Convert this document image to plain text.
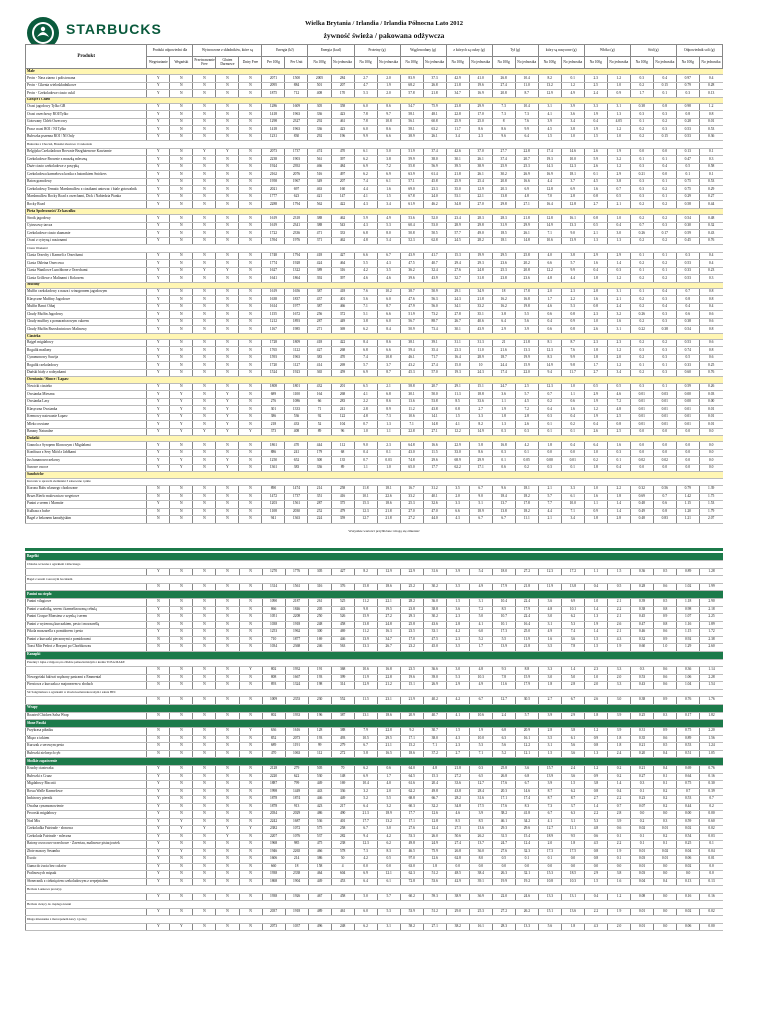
STARBUCKS	Wielka Brytania / Irlandia / Irlandia Północna Lato 2012
żywność świeża / pakowana odżywcza
Produkt	Produkt odpowiedni dla		Wytworzone z składników, które są			Energia (kJ)		Energia (kcal)		Proteiny (g)		Węglowodany (g)		z których są cukry (g)		Tył (g)		który są nasycone (g)		Włóko (g)		Sód (g)		Odpowiednik soli (g)	
	Wegetarianie	Wegański	Przetwarzanie Free	Gluten Darmowe	Dairy Free	Per 100g	Per Unit	Na 100g	No jednostka	Na 100g	No jednostka	Na 100g	No jednostka	Na 100g	No jednostka	Na 100g	No jednostka	Na 100g	No jednostka	Na 100g	No jednostka	Na 100g	No jednostka	Na 100g	No jednostka
Małe																									
Pecin - Nasz ziarno i polistowana	Y	N	N	N	N	2071	1500	2005	284	2.7	2.0	83.9	37.3	42.9	41.0	26.8	10.4	8.2	0.1	2.3	1.2	0.3	0.4	0.97	0.4
Pecin - Cikenia wieloskładnikowe	Y	N	N	N	N	2095	884	501	207	4.7	1.9	68.2	26.8	21.8	19.6	27.4	11.0	13.2	1.2	2.5	1.0	0.2	0.15	0.79	0.28
Pecin - Czekoladowe ciasto cukil	Y	N	N	N	N	1875	712	408	170	5.3	2.0	57.8	21.8	34.7	16.9	20.8	8.7	12.9	4.9	2.4	0.9	1.7	0.1	0.3	0.13
Gorące i Chleb																									
Ocasi jagodowy Tylko GB	Y	N	N	N	N	1286	1609	305	358	6.0	8.6	54.7	75.9	23.8	29.9	7.3	10.4	3.1	3.9	3.3	3.1	0.38	0.8	0.98	1.2
Ocasi orzechowy ROI/Tylko	Y	N	N	N	N	1418	1963	336	423	7.8	9.7	58.1	48.1	22.8	17.0	7.3	7.3	4.1	3.6	1.9	1.3	0.3	0.3	0.8	0.8
Gotowany Chleb Orzecowy	Y	N	N	N	N	1298	2327	292	461	7.8	10.8	56.1	60.8	25.9	25.0	8	7.6	3.9	3.4	0.4	4.05	0.1	0.2	0.28	0.01
Pracz ocasi ROI / NI Tylko	Y	N	N	N	N	1418	1963	336	423	6.0	8.6	58.1	63.2	11.7	8.6	8.6	9.9	4.5	3.8	1.9	1.2	0.2	0.3	0.53	0.53
Bułeczka pszenna ROI / NI Only	Y	N	N	N	N	1231	830	292	196	9.9	6.6	38.9	26.1	3.4	2.3	9.6	6.4	1.5	1.0	1.5	1.0	0.2	0.15	0.53	0.36
Bułeczka z Chociaż, Bruszki zbożowe i Czekolada																									
Belgijska Czekoladowa Brownie Bezglutenowe Kawiarnie	Y	N	Y	Y	N	2073	1737	474	470	6.1	5.0	51.9	37.4	42.6	37.0	27.7	22.8	17.4	14.6	2.6	1.9	0.0	0.0	0.13	0.1
Czekoladowe Brownie z muszką mleczną	Y	N	N	N	N	2238	1903	561	397	6.2	3.8	59.9	38.0	30.1	26.1	37.4	20.7	19.3	10.0	5.9	3.2	0.1	0.1	0.47	0.3
Duże ciasto czekoladowe z posypką	Y	N	N	N	N	1924	2392	466	484	6.9	7.2	55.8	56.9	39.5	38.9	25.9	25.3	14.3	12.3	2.6	1.2	0.3	0.4	0.5	0.58
Czekoladowa karmelowa kostka z batonikiem Snickers	Y	N	N	N	N	2162	2076	516	497	6.2	6.9	63.9	61.4	21.8	26.1	30.2	26.9	16.9	18.1	0.1	2.9	0.21	0.0	0.1	0.1
Baton granolowy	Y	N	N	N	N	1958	1967	349	207	7.4	6.1	57.1	45.8	25.9	25.4	20.8	16.6	4.4	3.7	4.5	3.8	0.3	0.1	0.75	0.53
Czekoladowy Tematic Marshmallow z ciastkami antowac i biale gotowalnik	Y	N	N	N	N	2021	697	463	160	4.4	1.6	69.0	23.3	35.0	12.9	20.3	6.9	12.8	6.9	1.6	0.7	0.3	0.2	0.75	0.29
Marshmallow Rocky Road z orzechami, Dick i Nabiedzia Pianka	Y	N	N	N	N	1777	623	421	147	4.1	1.5	67.8	24.0	53.1	22.1	13.8	4.8	7.0	2.8	0.8	0.5	0.3	0.1	0.29	0.27
Rocky Road	Y	N	N	N	N	2288	1794	562	422	4.3	3.4	61.9	46.2	34.8	27.0	29.8	27.1	16.4	12.8	2.7	2.1	0.2	0.2	0.58	0.44
Pieża Śpoleczności/ Ze kawałku																									
Stroik jagodowy	Y	N	N	N	N	1619	2318	388	462	5.9	4.9	53.6	52.0	23.4	28.3	28.3	21.8	12.8	16.1	0.8	1.0	0.2	0.2	0.54	0.48
Cytrusowy tarcza	Y	N	N	N	N	1619	2341	388	543	4.3	5.3	60.4	53.0	28.9	29.8	31.9	29.9	14.9	13.3	0.5	0.4	0.7	0.3	0.30	0.32
Czekoladowe ciasto skamanie	Y	N	N	N	N	1722	2336	471	333	6.8	8.0	50.8	50.5	57.7	49.0	18.5	26.1	7.1	9.0	2.1	3.0	0.26	0.17	0.59	0.43
Ocasi z cytryną i nasionami	Y	N	N	N	N	1594	1976	371	462	4.8	5.4	52.3	62.8	24.5	28.2	18.1	14.8	10.6	13.9	1.3	1.3	0.2	0.2	0.45	0.76
Ciasta Weekend																									
Ciasta Orzechy i Karmeli z Orzechami	Y	N	N	N	N	1748	1794	418	427	6.6	6.7	43.9	41.7	15.3	19.9	29.5	25.8	4.0	3.8	2.9	2.9	0.1	0.1	0.3	0.4
Ciasta Okleina Orzecowa	Y	N	N	N	N	1774	1928	424	464	5.5	4.3	47.5	40.7	29.4	29.3	23.6	20.2	6.6	5.7	1.6	1.4	0.2	0.2	0.53	0.4
Ciasta Wanilowe Lunchbone z Orzechami	Y	N	Y	Y	N	1627	1322	389	316	4.2	3.5	36.2	32.4	27.6	24.8	25.3	20.8	12.2	9.9	0.4	0.3	0.1	0.1	0.33	0.23
Ciasta Grillowe z Malinami i Kokosem	Y	N	N	N	N	1641	1864	392	397	4.6	4.6	39.6	43.9	32.7	31.8	23.8	23.6	4.8	4.4	1.8	1.2	0.2	0.2	0.53	0.3
Muffiny																									
Muffin czekoladowy z nasza i winogronem jagodowym	Y	N	N	N	N	1619	1656	387	418	7.6	10.2	38.7	50.9	29.1	34.9	18	17.8	2.0	2.3	2.8	3.1	0.1	0.4	0.7	0.8
Klasyczne Muffiny Jagodowe	Y	N	N	N	N	1638	1837	437	401	5.6	6.0	47.6	56.3	24.3	21.8	16.2	16.8	1.7	2.2	1.6	2.1	0.2	0.3	0.8	0.8
Muffin Banci Otbaj	Y	N	N	N	N	1614	1977	387	466	7.1	8.7	47.9	56.0	34.1	33.2	16.2	19.8	4.6	5.3	0.8	2.4	0.2	0.4	0.4	0.4
Chudy Muffin Jagodowy	Y	N	N	N	N	1155	1672	256	372	5.1	6.6	51.9	73.2	27.8	35.1	3.8	5.5	0.6	0.8	2.3	3.2	0.26	0.3	0.6	0.6
Chudy muffiny z pomarańczowym cukrem	Y	N	N	N	N	1212	1893	287	449	3.8	6.0	56.7	88.7	26.7	40.6	6.4	5.6	0.4	0.9	1.0	1.6	0.2	0.3	0.38	0.6
Chudy Muffin Brzoskwiniowo Malinowy	Y	N	N	N	N	1167	1985	271	369	6.2	8.4	50.9	73.4	30.1	43.9	2.9	3.9	0.6	0.8	2.6	3.1	0.22	0.38	0.54	0.8
Ciasteka																									
Bajgel migdałowy	Y	N	N	N	N	1728	1809	418	422	8.4	8.6	38.1	39.1	31.1	31.3	21	21.8	8.1	8.7	2.3	2.3	0.2	0.2	0.53	0.6
Rogalik maślany	Y	N	N	N	N	1765	1122	427	268	6.8	6.6	59.4	35.4	23.3	11.0	21.6	13.3	12.3	7.6	1.8	1.2	0.3	0.3	0.74	0.8
Cynamonowy Suwija	Y	N	N	N	N	1593	1963	383	470	7.4	10.8	46.1	71.7	16.4	28.9	18.7	19.9	8.3	9.9	1.8	2.0	0.2	0.3	0.5	0.6
Rogalik czekoladowy	Y	N	N	N	N	1720	1127	414	269	5.7	3.7	43.2	27.4	15.0	10	24.4	15.9	14.9	9.8	1.7	1.2	0.1	0.1	0.33	0.25
Duński biały z rodzynkami	Y	N	N	N	N	1524	1923	365	459	6.9	8.7	45.3	57.0	19.3	24.3	17.4	22.0	9.4	11.7	2.7	3.4	0.2	0.3	0.60	0.76
Oceniania / Słonce / Łapaw																									
Nowicki ciasteko	Y	N	N	N	N	1808	1801	432	201	6.5	2.1	58.8	20.7	29.1	15.1	24.7	2.5	12.3	1.0	0.5	0.5	0.3	0.1	0.59	0.26
Owsianka Mieszna	Y	Y	N	Y	N	689	1100	164	268	4.1	6.8	30.1	50.0	11.3	18.8	3.6	5.7	0.7	1.1	2.9	4.6	0.01	0.03	0.00	0.03
Owsianka Lasy	Y	Y	N	Y	N	276	1086	66	283	2.2	8.6	13.6	53.8	8.5	33.6	1.1	4.5	0.2	0.6	1.9	7.2	0.01	0.01	0.00	0.00
Klasyczna Owsianka	Y	Y	N	Y	N	301	1333	71	241	2.8	8.9	11.2	43.8	0.8	2.7	1.9	7.2	0.4	1.6	1.2	4.8	0.01	0.01	0.01	0.01
Kremowy natowanie Łapaw	Y	Y	N	Y	N	386	536	92	122	4.8	7.3	10.6	14.1	1.5	3.3	1.8	2.8	0.3	0.4	1.9	2.5	0.01	0.01	0.01	0.01
Mleko owsiane	Y	Y	N	Y	N	218	433	52	104	0.7	1.3	7.1	14.8	4.1	8.2	1.3	2.6	0.1	0.2	0.4	0.8	0.01	0.01	0.01	0.01
Banany Naturalne	Y	Y	Y	Y	Y	373	408	89	96	1.0	1.1	22.8	27.1	12.2	14.9	0.3	0.3	0.1	0.1	2.6	2.5	0.0	0.0	0.0	0.0
Dodatki																									
Granola z Syropem Klonowym i Migdałami	Y	N	N	N	N	1861	470	444	112	9.0	2.3	64.8	16.6	22.9	5.8	16.8	4.2	1.8	0.4	6.4	1.6	0.0	0.0	0.0	0.0
Konfitura z Sery Miód z Jabłkami	Y	N	N	N	N	886	241	179	68	0.4	0.1	43.0	11.5	33.0	8.6	0.3	0.1	0.0	0.0	1.0	0.3	0.0	0.0	0.0	0.0
Jus bananowoczekowy	Y	Y	N	Y	N	1250	652	300	135	0.7	0.03	74.8	29.6	68.9	29.9	0.1	0.05	0.00	0.01	0.2	0.1	0.02	0.02	0.0	0.0
Surowe owoce	Y	Y	N	Y	N	1361	383	336	89	1.1	1.0	65.0	17.7	62.2	17.1	0.6	0.2	0.3	0.1	1.8	0.4	0.0	0.0	0.0	0.0
Sandwiche																									
Kurczak w sprawdz ziemniaki 3 salsowane i pikle																									
Korona Babs wlasnego chodowane	N	N	N	N	N	890	1474	214	258	11.8	18.1	16.7	31.2	3.5	6.7	9.6	18.1	2.1	3.3	1.0	2.2	0.32	0.56	0.79	1.39
Bruzs Rierlo malowniczo wegetowe	N	N	N	N	N	1472	1737	351	416	10.1	22.6	33.2	40.1	2.0	9.0	18.4	18.2	5.7	6.1	1.6	1.8	0.69	0.7	1.42	1.75
Panini z serem i Marmite	Y	N	N	N	N	1203	1561	287	375	15.3	18.6	25.3	32.6	3.3	5.1	13.7	17.8	7.7	10.0	1.1	1.4	0.48	0.6	1.15	1.53
Kulbasa z bułce	N	N	N	N	N	1108	2030	252	479	12.3	21.8	27.0	47.0	6.6	18.9	13.8	18.2	4.4	7.1	0.9	1.4	0.49	0.8	1.20	1.79
Bagel z bekonem kanadyjskim	N	N	N	N	N	941	1363	224	359	12.7	21.8	27.2	44.0	4.3	6.7	6.7	11.1	2.1	3.4	1.8	2.8	0.48	0.83	1.21	2.07
Wszystkie wartości przybliżone i mogą się zmieniać
Bagelki																									
Chlorka wczesna z ogórkiem i mlecznego																									
	Y	N	N	N	N	1270	1776	305	427	8.2	12.9	22.9	31.6	3.9	5.4	18.0	27.2	12.3	17.2	1.1	1.5	0.36	0.5	0.89	1.28
Bagel z serem i serowym boczkiem																									
	N	N	N	N	N	1314	1561	316	376	15.8	18.6	25.2	30.2	3.5	4.9	17.9	21.8	11.9	13.8	0.4	0.5	0.28	0.6	1.02	1.99
Panini na ciepło																									
Panini vilagiowe	N	N	N	N	N	1090	2187	261	525	11.2	22.1	28.2	36.0	1.5	3.1	10.4	22.4	3.6	6.9	1.0	2.1	0.39	0.5	1.18	2.90
Panini z szalotką, serem i karmelizowaną cebulą	Y	N	N	N	N	866	1846	205	443	9.8	19.5	23.8	38.8	3.6	7.2	8.5	17.9	4.8	10.1	1.4	2.2	0.38	0.8	0.98	2.18
Panini Croque Monsieur z szynką i serem	N	N	N	N	N	1051	2208	250	526	15.9	27.2	29.3	30.2	2.3	5.0	10.7	22.4	3.0	6.2	1.3	2.1	0.45	0.9	1.07	2.25
Panini z wyżeroną kurczakiem, pesto i mozzarellą	N	N	N	N	N	1038	1918	248	458	13.8	24.8	25.8	43.6	2.8	4.1	10.1	16.4	3.1	5.3	1.9	2.6	0.47	0.8	1.16	1.89
Pikola mozzarella z pomidorem i pesto	Y	N	N	N	N	1253	1962	300	469	11.2	16.3	23.5	33.1	4.2	6.0	17.3	25.0	4.9	7.4	1.4	2.1	0.46	0.6	1.15	1.72
Panini z kurczaki pieczonymi z pomidorami	N	N	N	N	N	710	1877	169	446	13.9	34.7	17.0	47.5	2.3	5.2	5.5	11.9	1.6	3.6	1.5	4.3	0.32	0.9	0.92	2.38
Toast Mitr Pedrot z Bozymi po Chorbkowau	N	N	N	N	N	1034	2368	246	563	13.3	26.7	23.2	45.0	3.5	1.7	13.9	21.8	3.5	7.8	1.5	1.9	0.60	1.0	1.29	2.60
Kanapki																									
Pszenny i łajka z migową na chlebie pełnoziarnistym z kremu TOSA MAKE																									
	N	N	N	N	Y	802	1932	191	368	10.6	16.8	23.5	36.6	3.0	4.8	9.3	8.8	3.3	1.4	2.3	3.3	0.3	0.6	0.36	1.14
Nowegośnki łakiwń wędzony pastrami z Emmental	N	N	N	N	N	808	1667	193	399	11.9	22.8	19.6	39.0	5.3	10.3	7.8	15.9	3.0	5.0	1.0	2.0	0.53	0.6	1.06	2.28
Piersiowa z kurczaka z majonezem w słodach	N	N	N	N	N	893	1324	198	314	12.9	21.2	15.1	26.9	2.9	4.9	11.6	17.9	1.8	2.8	2.0	3.3	0.43	0.6	1.04	1.54
Sir Sangriamora z ogórkami w zbożu kozlenwałowanym i sałata BEC																									
	N	N	N	N	N	1009	2353	230	552	11.5	23.1	21.9	40.2	4.2	6.7	12.7	30.5	2.7	6.7	2.6	3.0	0.38	0.9	0.76	1.76
Wrapy																									
Roasted Chicken Salsa Wrap	N	N	N	N	N	802	1933	196	387	13.1	18.6	20.9	40.7	4.1	10.6	2.4	5.7	3.9	2.9	1.8	3.9	0.25	0.3	0.17	1.82
Słone Pastki																									
Przykrasa pikniku	N	N	N	N	Y	636	1616	128	388	7.9	22.8	9.2	30.7	1.5	1.9	6.8	20.9	2.8	3.8	1.2	3.9	0.31	0.9	0.75	2.20
Mięso z tokiem	N	N	N	N	N	852	2073	193	493	10.5	29.5	17.1	38.0	4.3	10.0	6.3	16.1	3.5	6.1	0.9	1.8	0.35	0.6	0.89	1.56
Kurczak z serowym pesto	N	N	N	N	N	689	1191	99	279	6.7	21.1	15.2	7.1	2.3	5.3	5.6	12.2	3.1	5.6	0.8	1.8	0.21	0.5	0.53	1.24
Bułeczki zielonych ryb	N	N	N	N	N	470	1063	112	272	5.8	16.5	18.6	37.2	2.7	7.1	5.2	12.1	1.5	3.6	1.3	2.4	0.20	0.4	0.51	1.05
Słodkie zapatrzenie																									
Kruchy ciasteczka	Y	N	N	N	N	2128	279	505	70	6.2	0.6	64.0	4.8	21.8	0.3	25.8	3.6	15.7	2.4	1.2	0.2	0.21	0.4	0.69	0.76
Bułeczki z Cruzz	Y	N	N	N	N	2220	622	530	148	6.9	1.7	64.5	15.3	27.2	6.5	26.8	6.8	13.9	3.6	0.9	0.2	0.27	0.1	0.64	0.16
Migdałowy Biscotti	Y	N	N	N	N	1887	799	449	169	10.4	4.0	61.6	20.4	33.6	12.7	17.6	6.7	3.9	1.5	3.8	1.4	0.3	0.1	0.75	0.30
Rossa Wafle Karmelowe	Y	N	N	N	N	1998	1449	443	336	3.2	2.0	62.2	49.8	43.8	28.4	20.3	14.6	8.7	6.2	0.8	0.4	0.1	0.2	0.7	0.39
Imbirowy piernik	Y	N	N	N	N	1878	1874	446	449	5.2	5.5	68.8	66.7	28.2	31.6	17.1	17.4	8.7	8.7	2.7	2.2	0.23	0.2	0.53	0.7
Owalna cynamonowienie	Y	N	N	N	N	1878	913	423	217	6.4	3.2	60.3	32.2	34.8	17.5	17.6	8.3	7.3	3.7	1.4	0.7	0.07	0.2	0.44	0.2
Pecorski migdałowy	Y	N	N	N	N	2034	2029	486	490	21.3	18.9	17.7	12.6	4.6	3.9	38.2	41.8	6.7	6.3	2.2	2.8	0.0	0.0	0.00	0.00
Nod Mix	Y	Y	N	N	N	2242	1687	536	401	17.7	13.2	17.1	12.8	8.5	8.5	46.1	34.2	4.1	3.1	5.3	3.9	0.2	0.3	0.59	0.60
Czekoladka Fairtrade - słonowa	Y	Y	Y	Y	Y	2382	1072	575	258	6.7	3.0	27.6	12.4	27.3	13.6	29.3	29.6	12.7	11.1	4.8	0.6	0.02	0.01	0.02	0.02
Czekolada Fairtrade - mleczna	Y	N	N	Y	N	2207	1076	537	282	9.4	4.2	53.3	26.0	50.6	26.2	31.5	15.4	18.9	9.5	0.6	0.1	0.1	0.2	0.54	0.03
Batony owocowo-orzechowe - Zaveriau, malinowe pistacjowiek	Y	N	N	N	N	1968	985	475	238	12.3	6.2	49.8	24.9	27.4	13.7	24.7	12.4	2.0	1.8	4.5	2.2	0.1	0.1	0.25	0.1
Złote masory Sesamba	Y	Y	N	N	N	1946	2265	466	578	7.3	8.3	46.5	75.9	26.8	36.0	27.6	32.3	17.3	17.5	0.8	1.9	0.01	0.02	0.04	0.04
Exotic	Y	N	N	N	N	1606	214	386	50	4.2	0.5	97.0	12.6	62.8	8.0	0.5	0.1	0.1	0.0	0.8	0.1	0.03	0.01	0.06	0.01
Guma do żucia bez cukrów	Y	N	N	N	N	660	18	158	4	0.0	0.0	63.0	1.8	0.0	0.0	0.0	0.0	0.0	0.0	0.0	0.0	0.01	0.0	0.02	0.0
Pralinowych mięsak	Y	N	N	N	N	1938	2338	464	604	6.9	12.1	62.3	51.2	48.5	38.4	26.3	32.1	15.3	18.5	2.9	3.8	0.03	0.0	0.0	0.0
Słonecznik z cieknięciem czekoladowym z serpejntalem	Y	N	N	N	N	1868	1904	449	453	6.4	6.1	72.8	53.6	42.9	39.1	19.9	19.2	10.8	10.3	1.5	1.6	0.04	0.4	0.13	0.13
Herbata Lonkowa prototyp																									
	Y	N	N	N	N	1938	1926	467	458	5.0	5.7	60.2	59.3	38.9	36.9	22.0	24.6	13.3	13.1	0.4	1.2	0.08	0.0	0.16	0.16
Herbata cielęcy do ciepłego kreski																									
	Y	N	N	N	N	2037	1918	489	461	6.0	5.3	53.9	51.2	29.0	25.3	27.2	26.2	15.1	13.6	2.2	1.9	0.01	0.0	0.02	0.02
Długa mieszanka z marcepanem kawy i gorzej																									
	Y	Y	N	N	N	2073	1037	496	248	6.2	3.1	58.2	27.1	38.2	16.1	28.3	13.3	5.6	1.8	4.3	2.0	0.01	0.0	0.06	0.00
